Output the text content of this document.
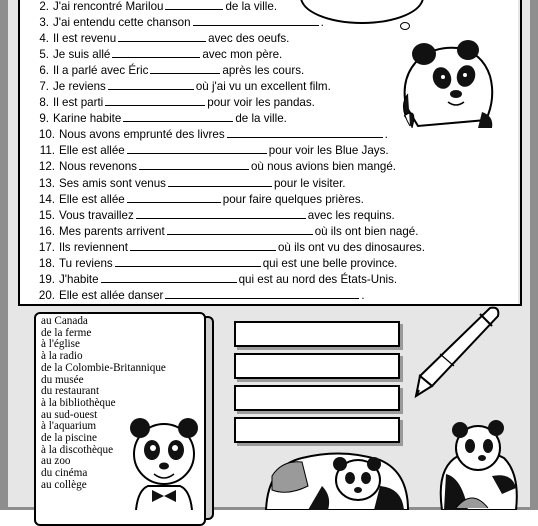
2. J'ai rencontré Marilou	de la ville.
3. J'ai entendu cette chanson	.
4. Il est revenu	avec des oeufs.
5. Je suis allé	avec mon père.
6. Il a parlé avec Éric	après les cours.
7. Je reviens	où j'ai vu un excellent film.
8. Il est parti	pour voir les pandas.
9. Karine habite	de la ville.
10. Nous avons emprunté des livres	.
11. Elle est allée	pour voir les Blue Jays.
12. Nous revenons	où nous avions bien mangé.
13. Ses amis sont venus	pour le visiter.
14. Elle est allée	pour faire quelques prières.
15. Vous travaillez	avec les requins.
16. Mes parents arrivent	où ils ont bien nagé.
17. Ils reviennent	où ils ont vu des dinosaures.
18. Tu reviens	qui est une belle province.
19. J'habite	qui est au nord des États-Unis.
20. Elle est allée danser	.
au Canada
de la ferme
à l'église
à la radio
de la Colombie-Britannique
du musée
du restaurant
à la bibliothèque
au sud-ouest
à l'aquarium
de la piscine
à la discothèque
au zoo
du cinéma
au collège
